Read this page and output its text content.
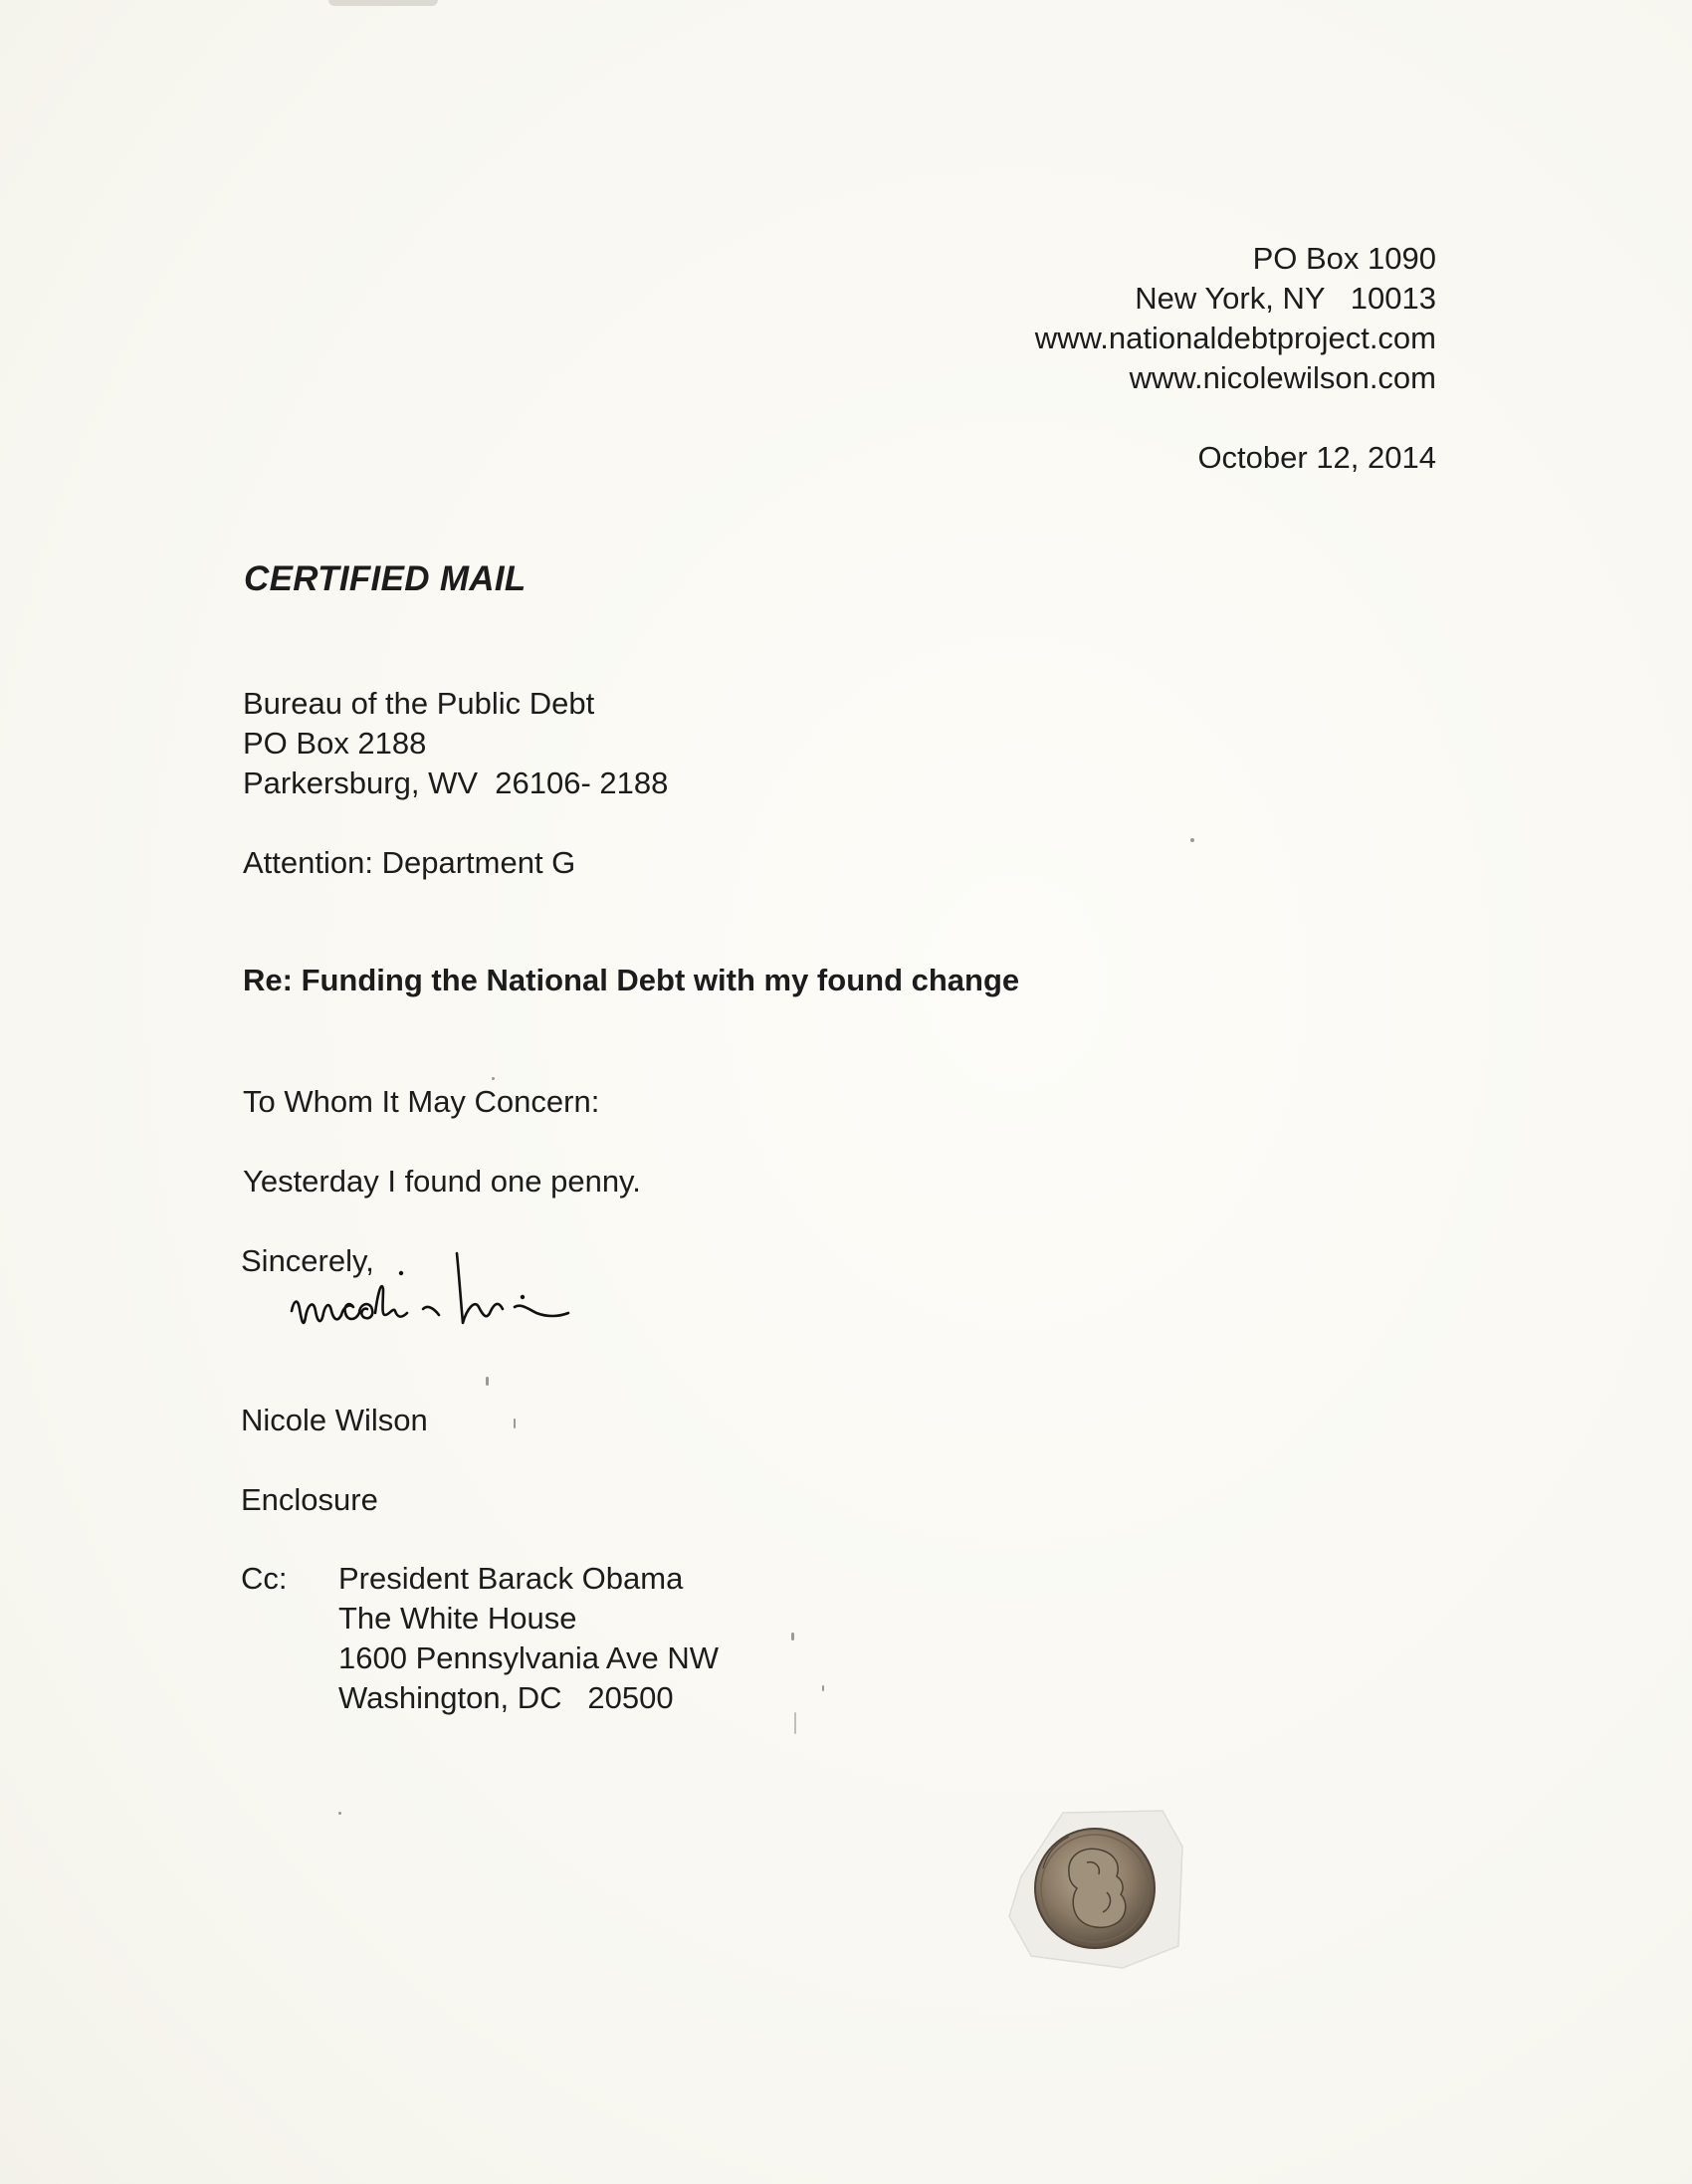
PO Box 1090
New York, NY   10013
www.nationaldebtproject.com
www.nicolewilson.com
October 12, 2014
CERTIFIED MAIL
Bureau of the Public Debt
PO Box 2188
Parkersburg, WV  26106- 2188
Attention: Department G
Re: Funding the National Debt with my found change
To Whom It May Concern:
Yesterday I found one penny.
Sincerely,
Nicole Wilson
Enclosure
Cc: President Barack Obama
The White House
1600 Pennsylvania Ave NW
Washington, DC   20500
